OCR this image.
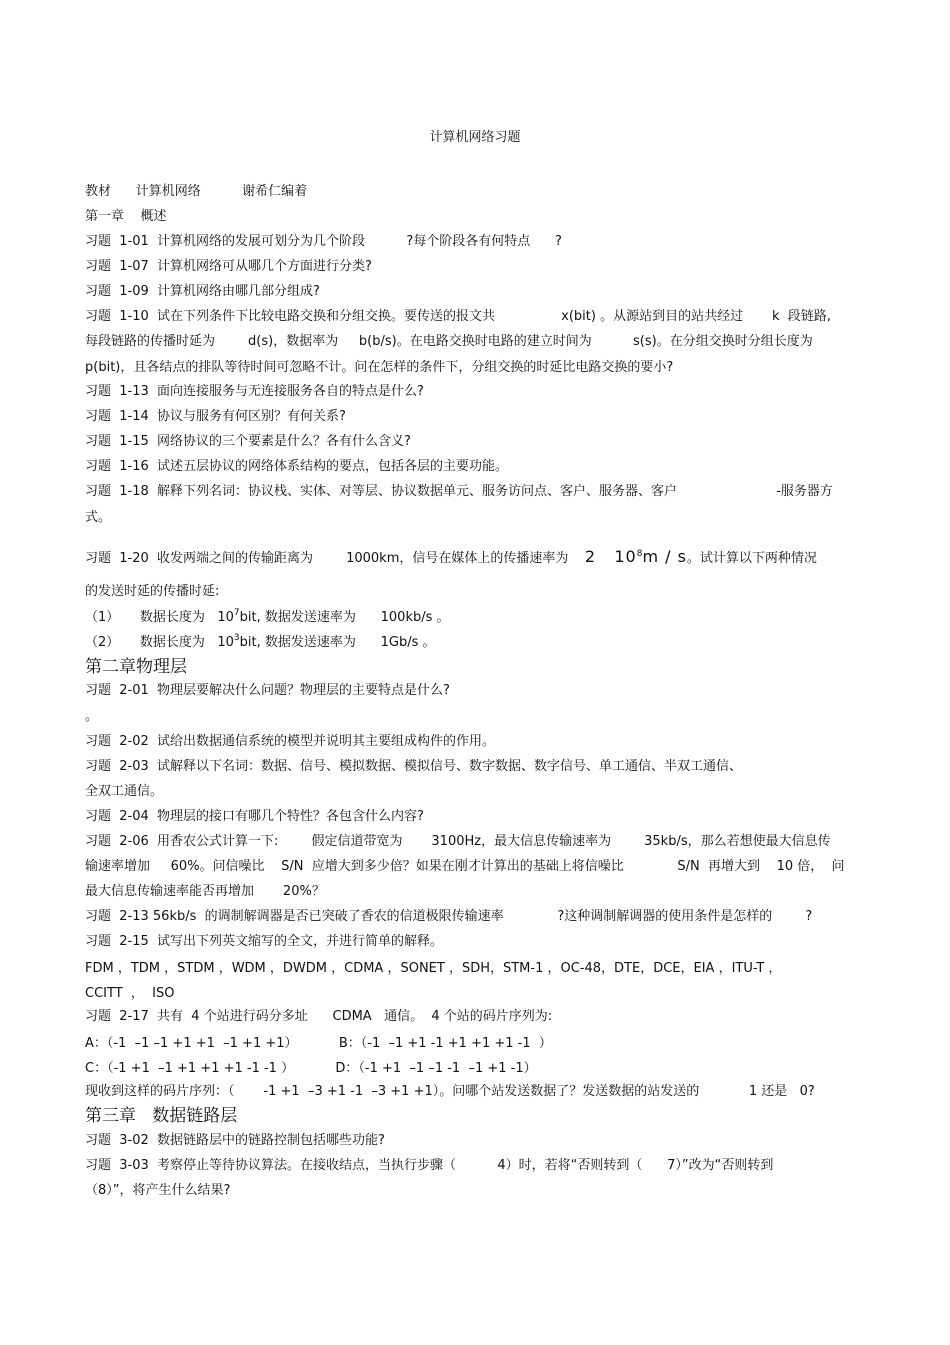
计算机网络习题
教材      计算机网络          谢希仁编着
第一章    概述
习题  1-01  计算机网络的发展可划分为几个阶段          ?每个阶段各有何特点      ?
习题  1-07  计算机网络可从哪几个方面进行分类?
习题  1-09  计算机网络由哪几部分组成?
习题  1-10  试在下列条件下比较电路交换和分组交换。要传送的报文共                x(bit) 。从源站到目的站共经过       k  段链路,
每段链路的传播时延为        d(s)，数据率为     b(b/s)。在电路交换时电路的建立时间为          s(s)。在分组交换时分组长度为
p(bit)，且各结点的排队等待时间可忽略不计。问在怎样的条件下，分组交换的时延比电路交换的要小?
习题  1-13  面向连接服务与无连接服务各自的特点是什么?
习题  1-14  协议与服务有何区别？有何关系?
习题  1-15  网络协议的三个要素是什么？各有什么含义?
习题  1-16  试述五层协议的网络体系结构的要点，包括各层的主要功能。
习题  1-18  解释下列名词：协议栈、实体、对等层、协议数据单元、服务访问点、客户、服务器、客户                        -服务器方
式。
习题  1-20  收发两端之间的传输距离为        1000km，信号在媒体上的传播速率为    2   $10^8m$ / s。试计算以下两种情况
的发送时延的传播时延:
（1）     数据长度为   $10^7bit$, 数据发送速率为      100kb/s 。
（2）     数据长度为   $10^3bit$, 数据发送速率为      1Gb/s 。
第二章物理层
习题  2-01  物理层要解决什么问题？物理层的主要特点是什么?
。
习题  2-02  试给出数据通信系统的模型并说明其主要组成构件的作用。
习题  2-03  试解释以下名词：数据、信号、模拟数据、模拟信号、数字数据、数字信号、单工通信、半双工通信、
全双工通信。
习题  2-04  物理层的接口有哪几个特性？各包含什么内容?
习题  2-06  用香农公式计算一下:        假定信道带宽为       3100Hz，最大信息传输速率为        35kb/s，那么若想使最大信息传
输速率增加     60%。问信噪比    S/N  应增大到多少倍？如果在刚才计算出的基础上将信噪比             S/N  再增大到    10 倍，  问
最大信息传输速率能否再增加       20%？
习题  2-13 56kb/s  的调制解调器是否已突破了香农的信道极限传输速率             ?这种调制解调器的使用条件是怎样的        ?
习题  2-15  试写出下列英文缩写的全文，并进行简单的解释。
FDM ，TDM ，STDM ，WDM ，DWDM ，CDMA ，SONET ，SDH，STM-1 ，OC-48，DTE，DCE，EIA ，ITU-T ，
CCITT  ，  ISO
习题  2-17  共有  4 个站进行码分多址      CDMA   通信。  4 个站的码片序列为:
A：（-1  –1 –1 +1 +1  –1 +1 +1）          B：（-1  –1 +1 -1 +1 +1 +1 -1  ）
C：（-1 +1  –1 +1 +1 +1 -1 -1 ）          D：（-1 +1  –1 –1 -1  –1 +1 -1）
现收到这样的码片序列：（       -1 +1  –3 +1 -1  –3 +1 +1）。问哪个站发送数据了？发送数据的站发送的            1 还是   0?
第三章   数据链路层
习题  3-02  数据链路层中的链路控制包括哪些功能?
习题  3-03  考察停止等待协议算法。在接收结点，当执行步骤（          4）时，若将“否则转到（      7）”改为“否则转到
（8）”，将产生什么结果?
